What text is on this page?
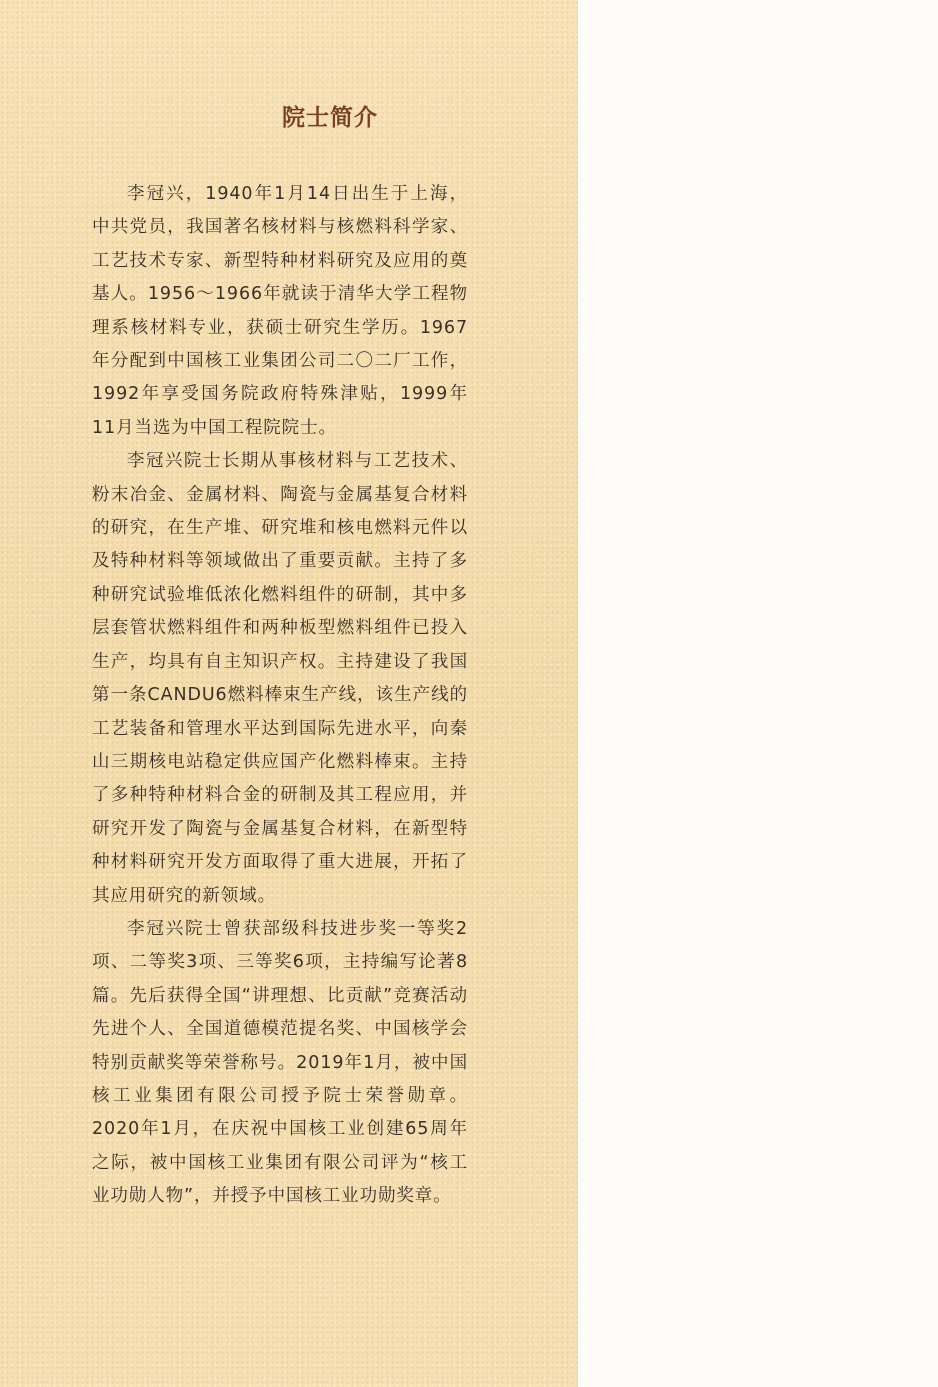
院士简介

李冠兴，1940年1月14日出生于上海，中共党员，我国著名核材料与核燃料科学家、工艺技术专家、新型特种材料研究及应用的奠基人。1956～1966年就读于清华大学工程物理系核材料专业，获硕士研究生学历。1967年分配到中国核工业集团公司二〇二厂工作，1992年享受国务院政府特殊津贴，1999年11月当选为中国工程院院士。

李冠兴院士长期从事核材料与工艺技术、粉末冶金、金属材料、陶瓷与金属基复合材料的研究，在生产堆、研究堆和核电燃料元件以及特种材料等领域做出了重要贡献。主持了多种研究试验堆低浓化燃料组件的研制，其中多层套管状燃料组件和两种板型燃料组件已投入生产，均具有自主知识产权。主持建设了我国第一条CANDU6燃料棒束生产线，该生产线的工艺装备和管理水平达到国际先进水平，向秦山三期核电站稳定供应国产化燃料棒束。主持了多种特种材料合金的研制及其工程应用，并研究开发了陶瓷与金属基复合材料，在新型特种材料研究开发方面取得了重大进展，开拓了其应用研究的新领域。

李冠兴院士曾获部级科技进步奖一等奖2项、二等奖3项、三等奖6项，主持编写论著8篇。先后获得全国“讲理想、比贡献”竞赛活动先进个人、全国道德模范提名奖、中国核学会特别贡献奖等荣誉称号。2019年1月，被中国核工业集团有限公司授予院士荣誉勋章。2020年1月，在庆祝中国核工业创建65周年之际，被中国核工业集团有限公司评为“核工业功勋人物”，并授予中国核工业功勋奖章。
